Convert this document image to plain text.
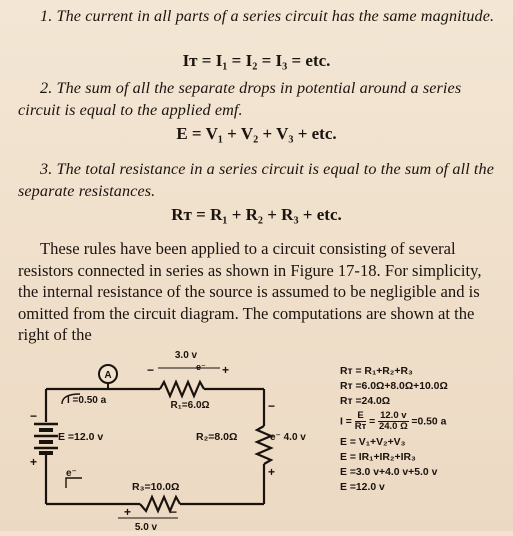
1. The current in all parts of a series circuit has the same magnitude.

Iᴛ = I₁ = I₂ = I₃ = etc.

2. The sum of all the separate drops in potential around a series circuit is equal to the applied emf.

E = V₁ + V₂ + V₃ + etc.

3. The total resistance in a series circuit is equal to the sum of all the separate resistances.

Rᴛ = R₁ + R₂ + R₃ + etc.

These rules have been applied to a circuit consisting of several resistors connected in series as shown in Figure 17-18. For simplicity, the internal resistance of the source is assumed to be negligible and is omitted from the circuit diagram. The computations are shown at the right of the

A	−	+
3.0 v
e⁻
R₁=6.0Ω
I =0.50 a
E =12.0 v
−
+
e⁻
R₂=8.0Ω	e⁻ 4.0 v
−
+
R₃=10.0Ω
+	−
5.0 v
Rᴛ = R₁+R₂+R₃
Rᴛ =6.0Ω+8.0Ω+10.0Ω
Rᴛ =24.0Ω
$I = \frac{E}{\text{Rᴛ}} = \frac{12.0 v}{24.0 \Omega} =0.50$ a
E = V₁+V₂+V₃
E = IR₁+IR₂+IR₃
E =3.0 v+4.0 v+5.0 v
E =12.0 v
